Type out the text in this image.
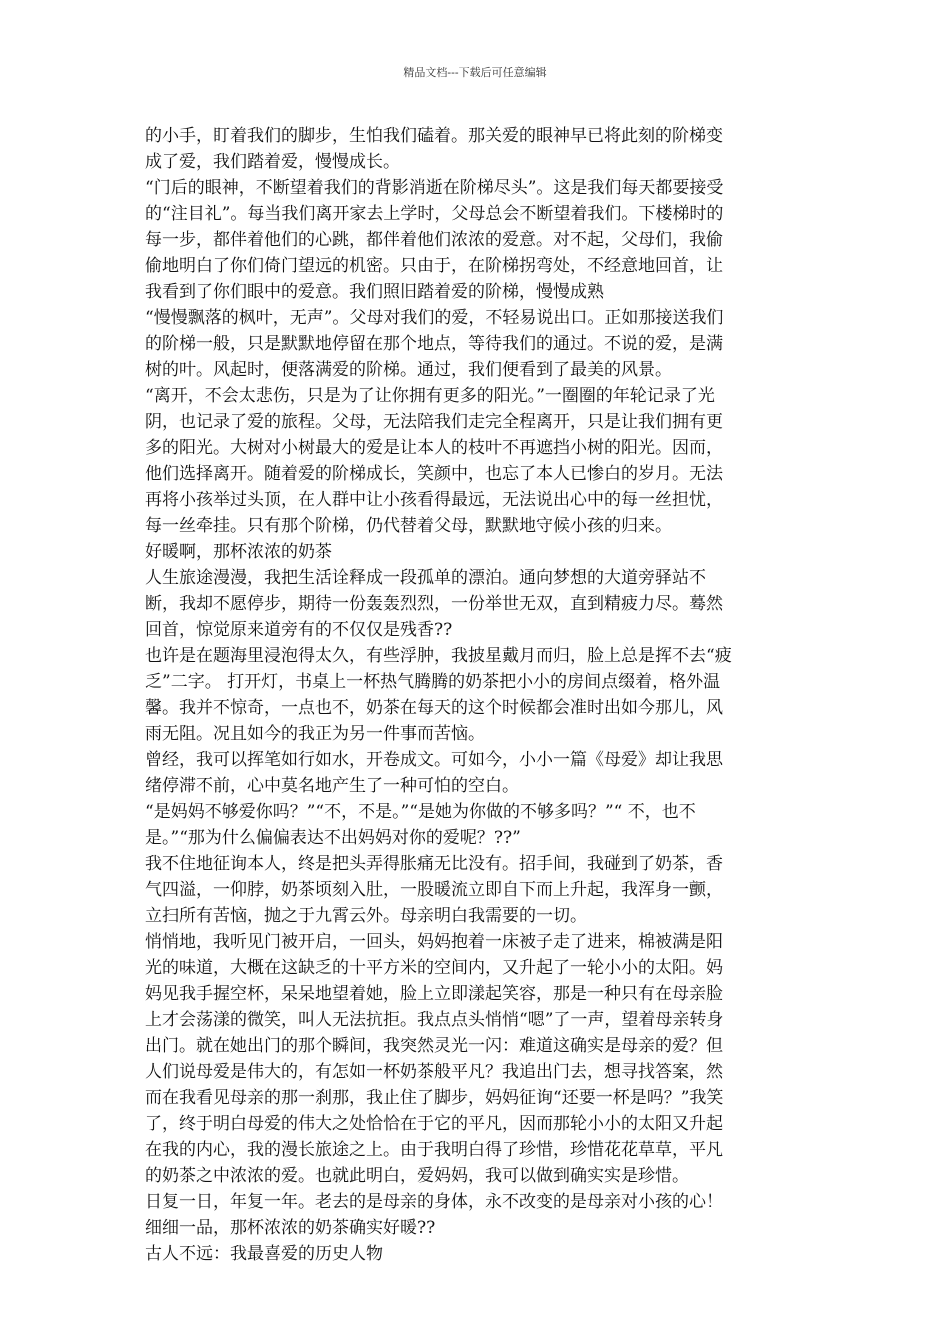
精品文档---下载后可任意编辑
的小手，盯着我们的脚步，生怕我们磕着。那关爱的眼神早已将此刻的阶梯变
成了爱，我们踏着爱，慢慢成长。
“门后的眼神，不断望着我们的背影消逝在阶梯尽头”。这是我们每天都要接受
的“注目礼”。每当我们离开家去上学时，父母总会不断望着我们。下楼梯时的
每一步，都伴着他们的心跳，都伴着他们浓浓的爱意。对不起，父母们，我偷
偷地明白了你们倚门望远的机密。只由于，在阶梯拐弯处，不经意地回首，让
我看到了你们眼中的爱意。我们照旧踏着爱的阶梯，慢慢成熟
“慢慢飘落的枫叶，无声”。父母对我们的爱，不轻易说出口。正如那接送我们
的阶梯一般，只是默默地停留在那个地点，等待我们的通过。不说的爱，是满
树的叶。风起时，便落满爱的阶梯。通过，我们便看到了最美的风景。
“离开，不会太悲伤，只是为了让你拥有更多的阳光。”一圈圈的年轮记录了光
阴，也记录了爱的旅程。父母，无法陪我们走完全程离开，只是让我们拥有更
多的阳光。大树对小树最大的爱是让本人的枝叶不再遮挡小树的阳光。因而，
他们选择离开。随着爱的阶梯成长，笑颜中，也忘了本人已惨白的岁月。无法
再将小孩举过头顶，在人群中让小孩看得最远，无法说出心中的每一丝担忧，
每一丝牵挂。只有那个阶梯，仍代替着父母，默默地守候小孩的归来。
好暖啊，那杯浓浓的奶茶
人生旅途漫漫，我把生活诠释成一段孤单的漂泊。通向梦想的大道旁驿站不
断，我却不愿停步，期待一份轰轰烈烈，一份举世无双，直到精疲力尽。蓦然
回首，惊觉原来道旁有的不仅仅是残香??
也许是在题海里浸泡得太久，有些浮肿，我披星戴月而归，脸上总是挥不去“疲
乏”二字。 打开灯，书桌上一杯热气腾腾的奶茶把小小的房间点缀着，格外温
馨。我并不惊奇，一点也不，奶茶在每天的这个时候都会准时出如今那儿，风
雨无阻。况且如今的我正为另一件事而苦恼。
曾经，我可以挥笔如行如水，开卷成文。可如今，小小一篇《母爱》却让我思
绪停滞不前，心中莫名地产生了一种可怕的空白。
“是妈妈不够爱你吗？”“不，不是。”“是她为你做的不够多吗？”“ 不，也不
是。”“那为什么偏偏表达不出妈妈对你的爱呢？??”
我不住地征询本人，终是把头弄得胀痛无比没有。招手间，我碰到了奶茶，香
气四溢，一仰脖，奶茶顷刻入肚，一股暖流立即自下而上升起，我浑身一颤，
立扫所有苦恼，抛之于九霄云外。母亲明白我需要的一切。
悄悄地，我听见门被开启，一回头，妈妈抱着一床被子走了进来，棉被满是阳
光的味道，大概在这缺乏的十平方米的空间内，又升起了一轮小小的太阳。妈
妈见我手握空杯，呆呆地望着她，脸上立即漾起笑容，那是一种只有在母亲脸
上才会荡漾的微笑，叫人无法抗拒。我点点头悄悄“嗯”了一声，望着母亲转身
出门。就在她出门的那个瞬间，我突然灵光一闪：难道这确实是母亲的爱？但
人们说母爱是伟大的，有怎如一杯奶茶般平凡？我追出门去，想寻找答案，然
而在我看见母亲的那一刹那，我止住了脚步，妈妈征询“还要一杯是吗？”我笑
了，终于明白母爱的伟大之处恰恰在于它的平凡，因而那轮小小的太阳又升起
在我的内心，我的漫长旅途之上。由于我明白得了珍惜，珍惜花花草草，平凡
的奶茶之中浓浓的爱。也就此明白，爱妈妈，我可以做到确实实是珍惜。
日复一日，年复一年。老去的是母亲的身体，永不改变的是母亲对小孩的心！
细细一品，那杯浓浓的奶茶确实好暖??
古人不远：我最喜爱的历史人物
